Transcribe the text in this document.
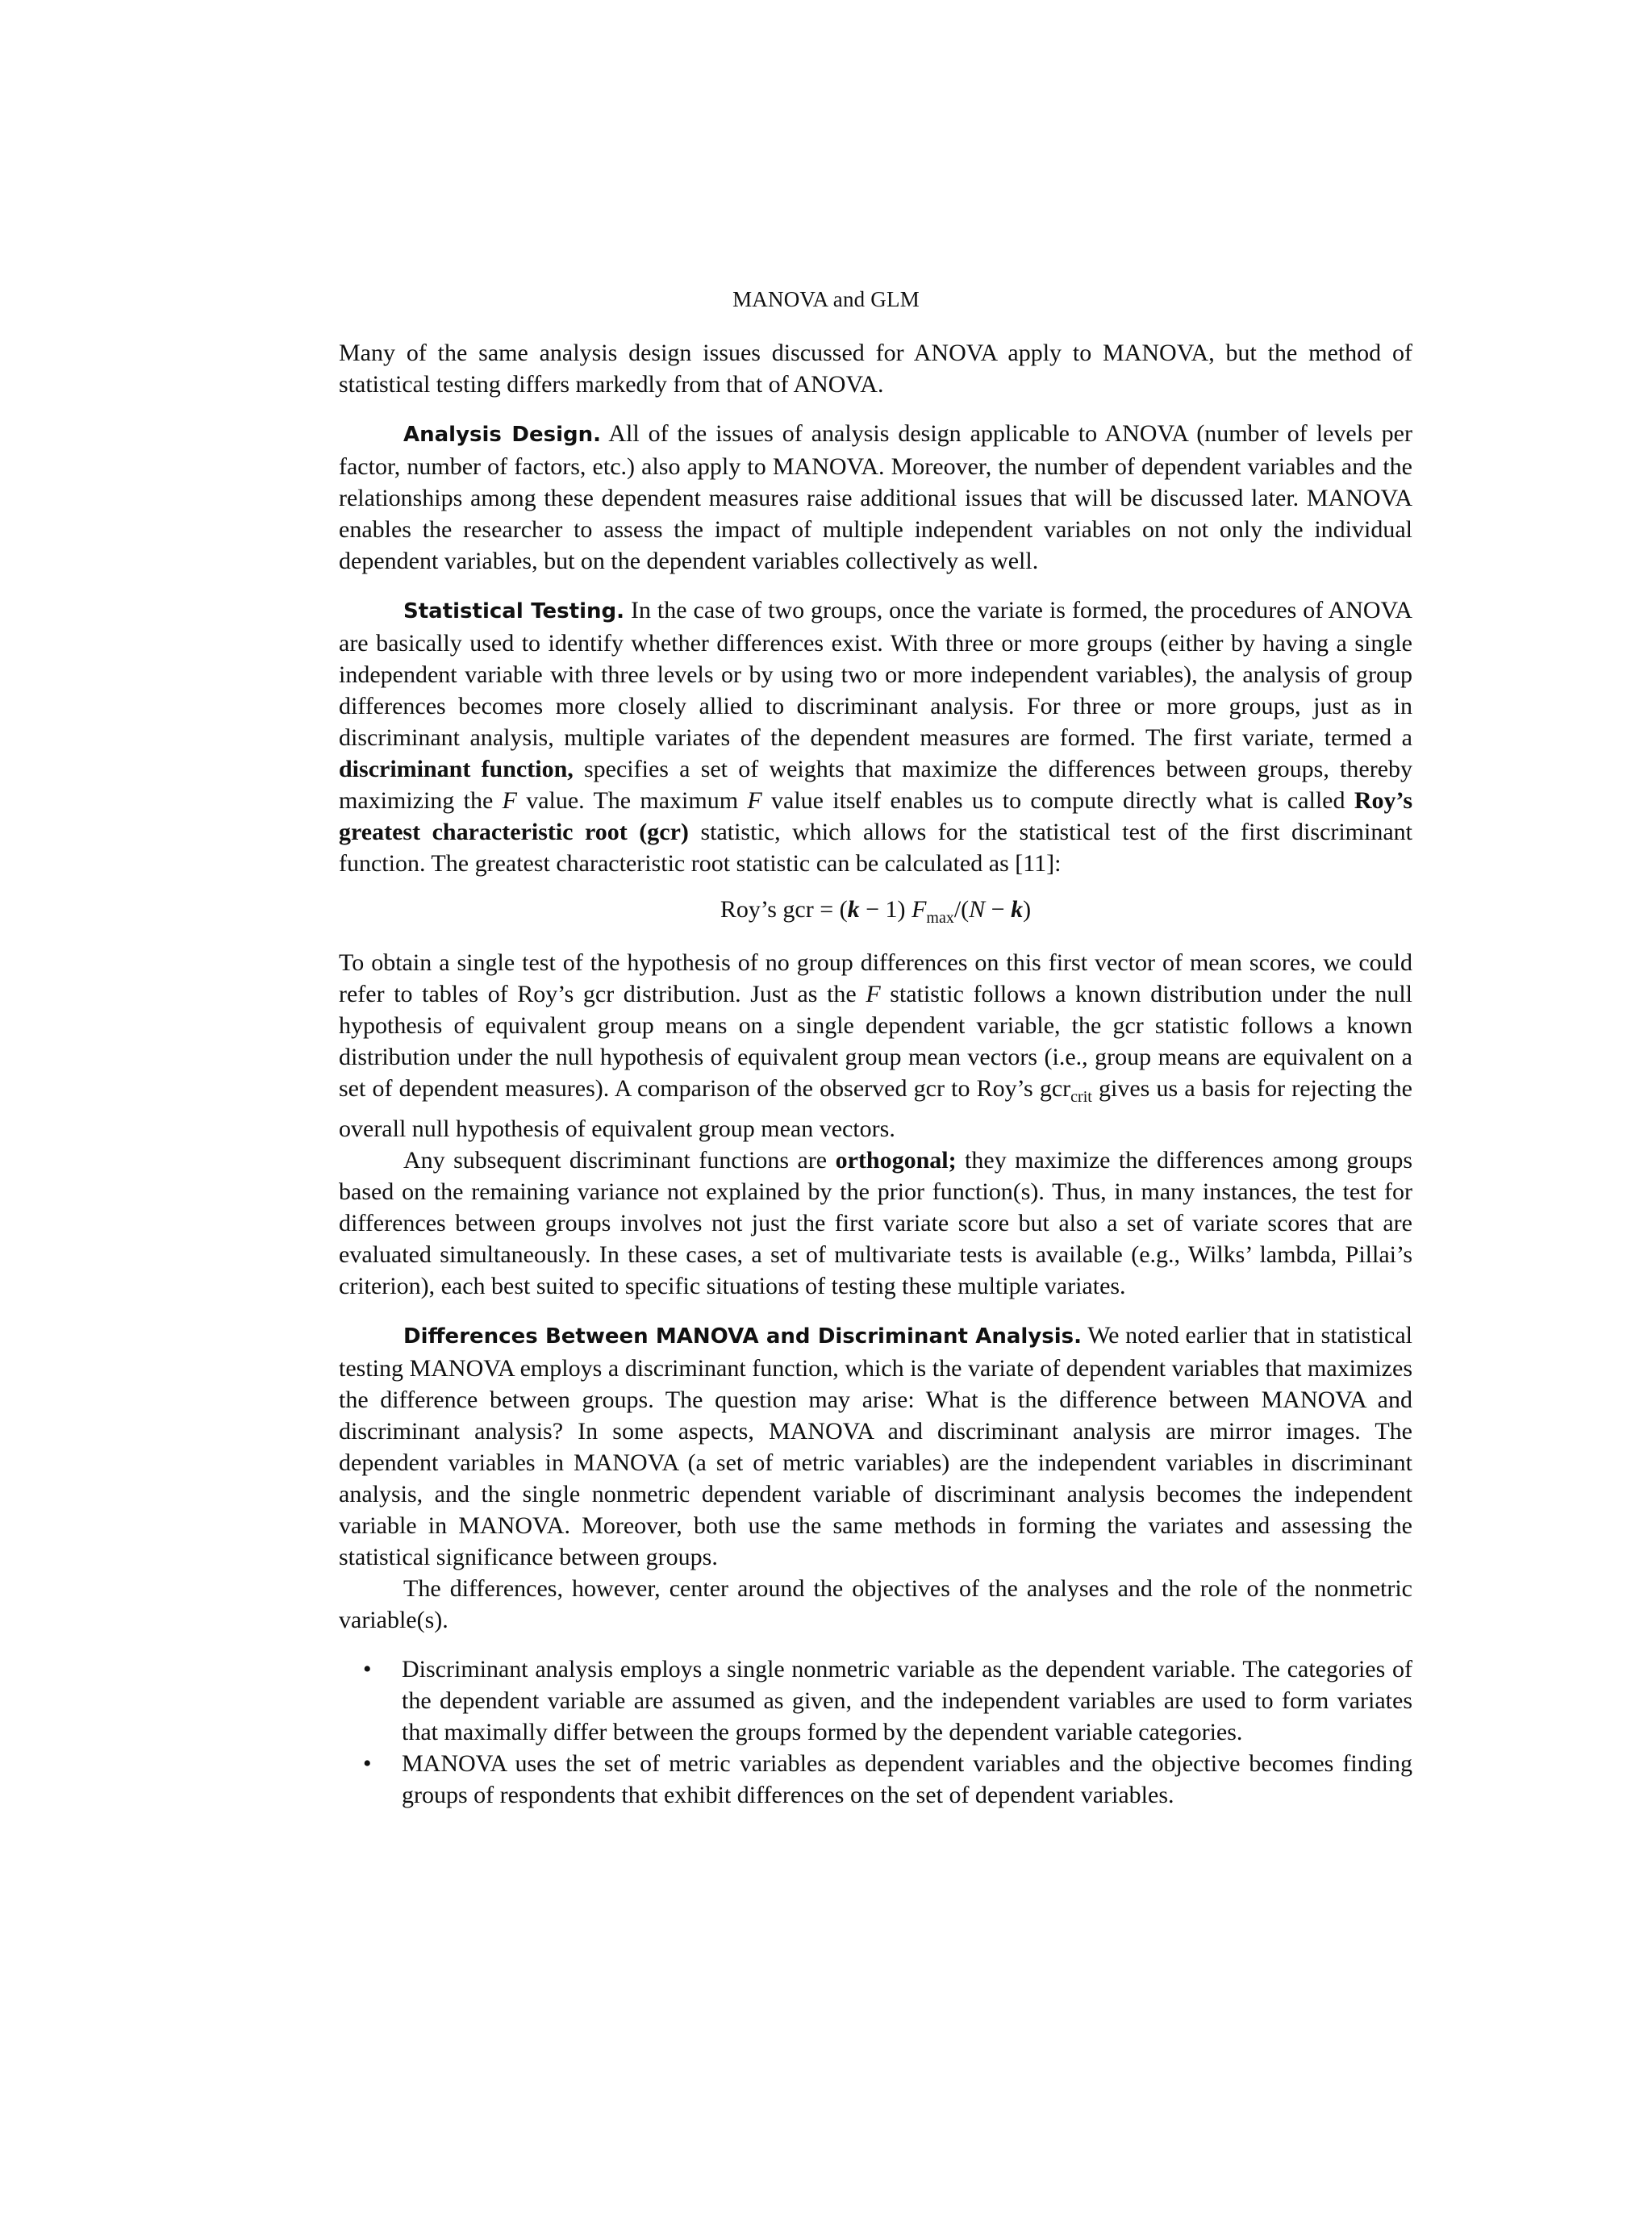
MANOVA and GLM

Many of the same analysis design issues discussed for ANOVA apply to MANOVA, but the method of statistical testing differs markedly from that of ANOVA.

Analysis Design. All of the issues of analysis design applicable to ANOVA (number of levels per factor, number of factors, etc.) also apply to MANOVA. Moreover, the number of dependent variables and the relationships among these dependent measures raise additional issues that will be discussed later. MANOVA enables the researcher to assess the impact of multiple independent variables on not only the individual dependent variables, but on the dependent variables collectively as well.

Statistical Testing. In the case of two groups, once the variate is formed, the procedures of ANOVA are basically used to identify whether differences exist. With three or more groups (either by having a single independent variable with three levels or by using two or more independent variables), the analysis of group differences becomes more closely allied to discriminant analysis. For three or more groups, just as in discriminant analysis, multiple variates of the dependent measures are formed. The first variate, termed a discriminant function, specifies a set of weights that maximize the differences between groups, thereby maximizing the F value. The maximum F value itself enables us to compute directly what is called Roy’s greatest characteristic root (gcr) statistic, which allows for the statistical test of the first discriminant function. The greatest characteristic root statistic can be calculated as [11]:

Roy’s gcr = (k − 1) $F_{max}/(N - k)$

To obtain a single test of the hypothesis of no group differences on this first vector of mean scores, we could refer to tables of Roy’s gcr distribution. Just as the F statistic follows a known distribution under the null hypothesis of equivalent group means on a single dependent variable, the gcr statistic follows a known distribution under the null hypothesis of equivalent group mean vectors (i.e., group means are equivalent on a set of dependent measures). A comparison of the observed gcr to Roy’s gcr$_{crit}$ gives us a basis for rejecting the overall null hypothesis of equivalent group mean vectors.

Any subsequent discriminant functions are orthogonal; they maximize the differences among groups based on the remaining variance not explained by the prior function(s). Thus, in many instances, the test for differences between groups involves not just the first variate score but also a set of variate scores that are evaluated simultaneously. In these cases, a set of multivariate tests is available (e.g., Wilks’ lambda, Pillai’s criterion), each best suited to specific situations of testing these multiple variates.

Differences Between MANOVA and Discriminant Analysis. We noted earlier that in statistical testing MANOVA employs a discriminant function, which is the variate of dependent variables that maximizes the difference between groups. The question may arise: What is the difference between MANOVA and discriminant analysis? In some aspects, MANOVA and discriminant analysis are mirror images. The dependent variables in MANOVA (a set of metric variables) are the independent variables in discriminant analysis, and the single nonmetric dependent variable of discriminant analysis becomes the independent variable in MANOVA. Moreover, both use the same methods in forming the variates and assessing the statistical significance between groups.

The differences, however, center around the objectives of the analyses and the role of the nonmetric variable(s).

• Discriminant analysis employs a single nonmetric variable as the dependent variable. The categories of the dependent variable are assumed as given, and the independent variables are used to form variates that maximally differ between the groups formed by the dependent variable categories.
• MANOVA uses the set of metric variables as dependent variables and the objective becomes finding groups of respondents that exhibit differences on the set of dependent variables.
